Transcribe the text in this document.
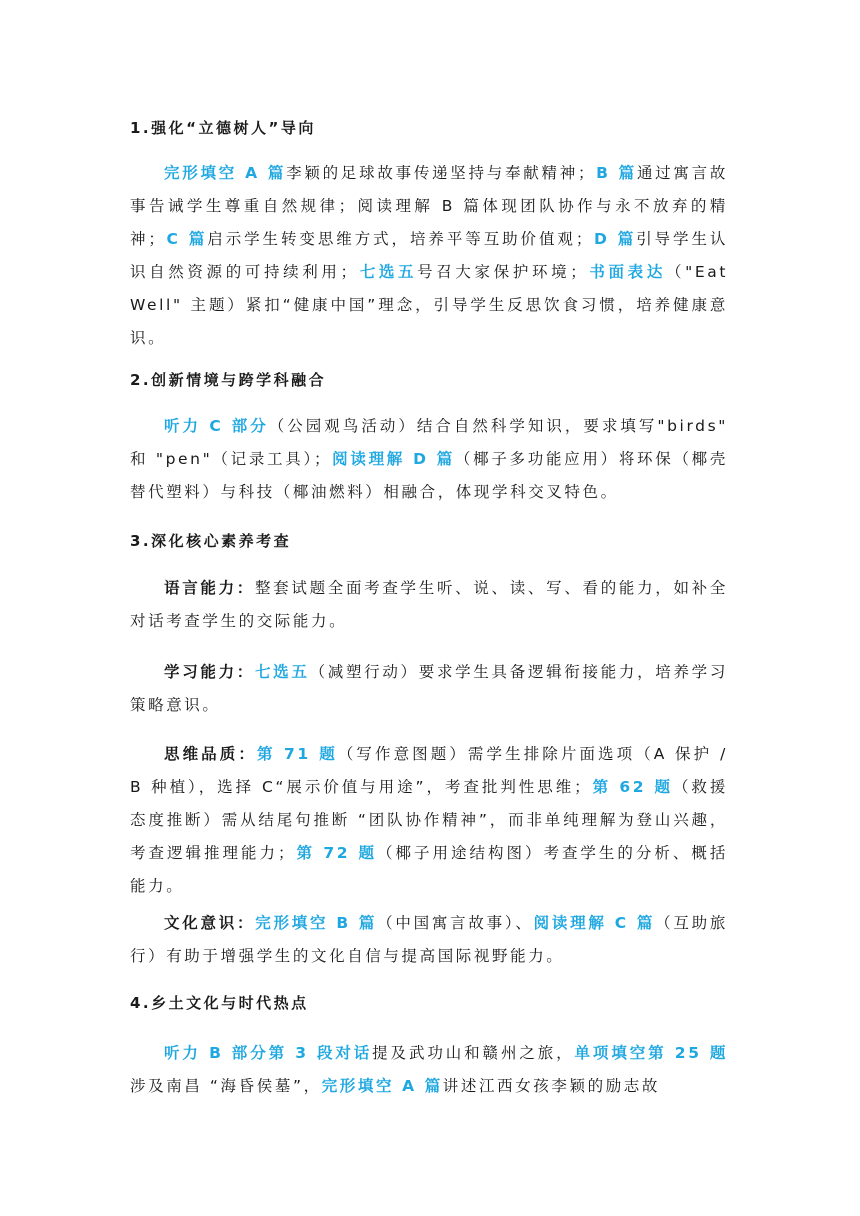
1.强化“立德树人”导向

完形填空 A 篇李颖的足球故事传递坚持与奉献精神；B 篇通过寓言故事告诫学生尊重自然规律；阅读理解 B 篇体现团队协作与永不放弃的精神；C 篇启示学生转变思维方式，培养平等互助价值观；D 篇引导学生认识自然资源的可持续利用；七选五号召大家保护环境；书面表达（"Eat Well" 主题）紧扣“健康中国”理念，引导学生反思饮食习惯，培养健康意识。

2.创新情境与跨学科融合

听力 C 部分（公园观鸟活动）结合自然科学知识，要求填写"birds" 和 "pen"（记录工具）；阅读理解 D 篇（椰子多功能应用）将环保（椰壳替代塑料）与科技（椰油燃料）相融合，体现学科交叉特色。

3.深化核心素养考查

语言能力：整套试题全面考查学生听、说、读、写、看的能力，如补全对话考查学生的交际能力。

学习能力：七选五（减塑行动）要求学生具备逻辑衔接能力，培养学习策略意识。

思维品质：第 71 题（写作意图题）需学生排除片面选项（A 保护 / B 种植），选择 C“展示价值与用途”，考查批判性思维；第 62 题（救援态度推断）需从结尾句推断 “团队协作精神”，而非单纯理解为登山兴趣，考查逻辑推理能力；第 72 题（椰子用途结构图）考查学生的分析、概括能力。

文化意识：完形填空 B 篇（中国寓言故事）、阅读理解 C 篇（互助旅行）有助于增强学生的文化自信与提高国际视野能力。

4.乡土文化与时代热点

听力 B 部分第 3 段对话提及武功山和赣州之旅，单项填空第 25 题涉及南昌 “海昏侯墓”，完形填空 A 篇讲述江西女孩李颖的励志故
